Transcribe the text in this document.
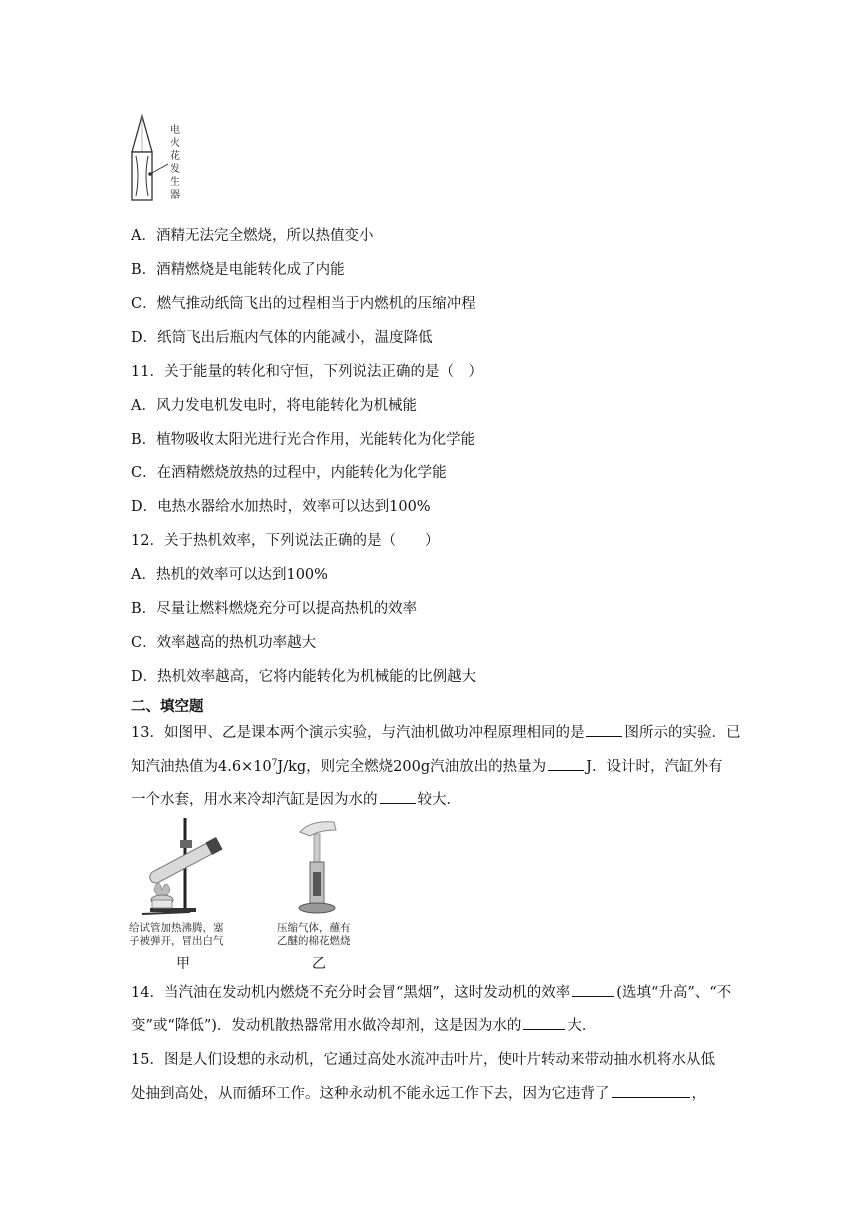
电火花发生器
A．酒精无法完全燃烧，所以热值变小
B．酒精燃烧是电能转化成了内能
C．燃气推动纸筒飞出的过程相当于内燃机的压缩冲程
D．纸筒飞出后瓶内气体的内能减小，温度降低
11．关于能量的转化和守恒，下列说法正确的是（　）
A．风力发电机发电时，将电能转化为机械能
B．植物吸收太阳光进行光合作用，光能转化为化学能
C．在酒精燃烧放热的过程中，内能转化为化学能
D．电热水器给水加热时，效率可以达到100%
12．关于热机效率，下列说法正确的是（　　）
A．热机的效率可以达到100%
B．尽量让燃料燃烧充分可以提高热机的效率
C．效率越高的热机功率越大
D．热机效率越高，它将内能转化为机械能的比例越大
二、填空题
13．如图甲、乙是课本两个演示实验，与汽油机做功冲程原理相同的是	图所示的实验．已
知汽油热值为$4.6\times 10^7J/kg$，则完全燃烧200g汽油放出的热量为	J．设计时，汽缸外有
一个水套，用水来冷却汽缸是因为水的	较大．
给试管加热沸腾，塞
子被弹开，冒出白气
压缩气体，蘸有
乙醚的棉花燃烧
甲	乙
14．当汽油在发动机内燃烧不充分时会冒“黑烟”，这时发动机的效率	(选填“升高”、“不
变”或“降低”)．发动机散热器常用水做冷却剂，这是因为水的	大．
15．图是人们设想的永动机，它通过高处水流冲击叶片，使叶片转动来带动抽水机将水从低
处抽到高处，从而循环工作。这种永动机不能永远工作下去，因为它违背了	，
